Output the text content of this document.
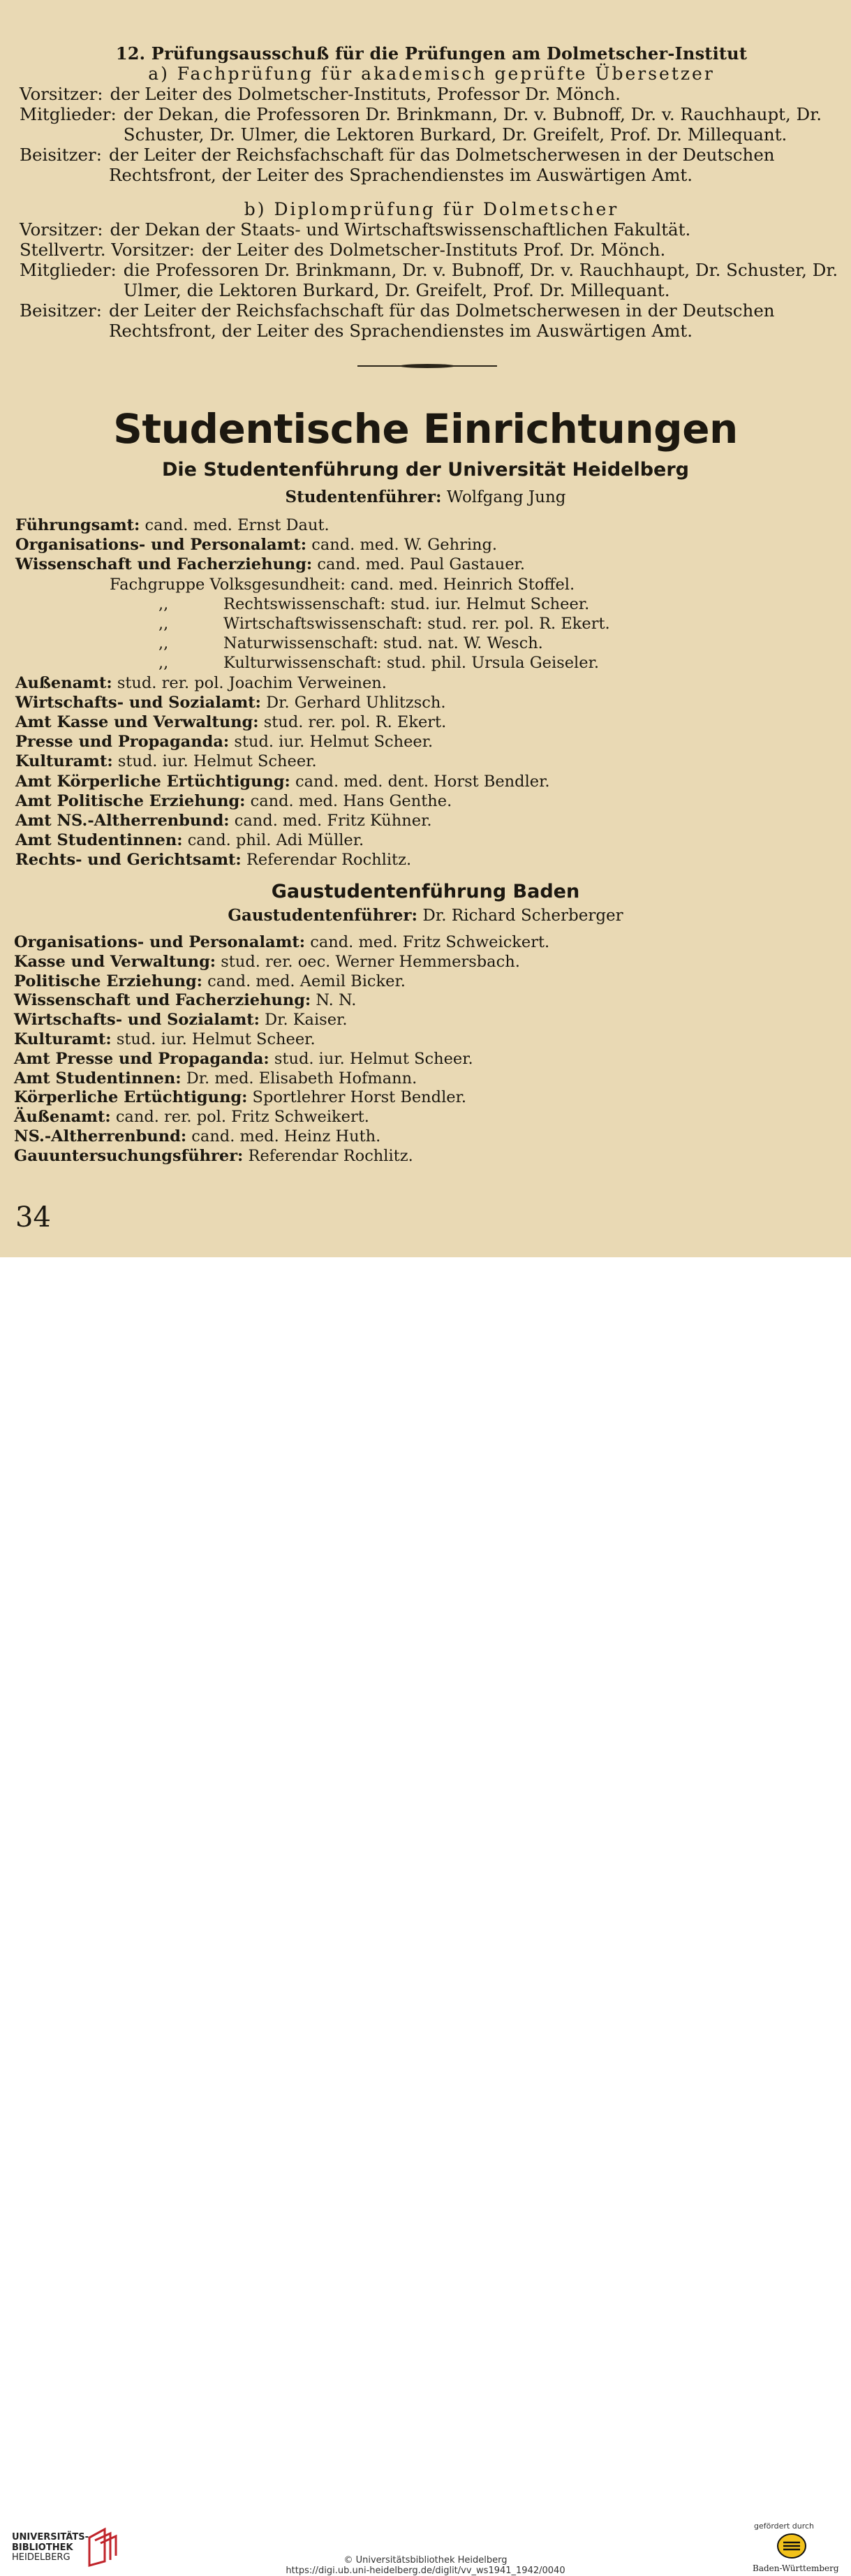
12. Prüfungsausschuß für die Prüfungen am Dolmetscher-Institut
a) Fachprüfung für akademisch geprüfte Übersetzer
Vorsitzer: der Leiter des Dolmetscher-Instituts, Professor Dr. Mönch.
Mitglieder: der Dekan, die Professoren Dr. Brinkmann, Dr. v. Bubnoff, Dr. v. Rauchhaupt, Dr. Schuster, Dr. Ulmer, die Lektoren Burkard, Dr. Greifelt, Prof. Dr. Millequant.
Beisitzer: der Leiter der Reichsfachschaft für das Dolmetscherwesen in der Deutschen Rechtsfront, der Leiter des Sprachendienstes im Auswärtigen Amt.
b) Diplomprüfung für Dolmetscher
Vorsitzer: der Dekan der Staats- und Wirtschaftswissenschaftlichen Fakultät.
Stellvertr. Vorsitzer: der Leiter des Dolmetscher-Instituts Prof. Dr. Mönch.
Mitglieder: die Professoren Dr. Brinkmann, Dr. v. Bubnoff, Dr. v. Rauchhaupt, Dr. Schuster, Dr. Ulmer, die Lektoren Burkard, Dr. Greifelt, Prof. Dr. Millequant.
Beisitzer: der Leiter der Reichsfachschaft für das Dolmetscherwesen in der Deutschen Rechtsfront, der Leiter des Sprachendienstes im Auswärtigen Amt.
Studentische Einrichtungen
Die Studentenführung der Universität Heidelberg
Studentenführer: Wolfgang Jung
Führungsamt: cand. med. Ernst Daut.
Organisations- und Personalamt: cand. med. W. Gehring.
Wissenschaft und Facherziehung: cand. med. Paul Gastauer.
Fachgruppe Volksgesundheit: cand. med. Heinrich Stoffel.
,,	Rechtswissenschaft: stud. iur. Helmut Scheer.
,,	Wirtschaftswissenschaft: stud. rer. pol. R. Ekert.
,,	Naturwissenschaft: stud. nat. W. Wesch.
,,	Kulturwissenschaft: stud. phil. Ursula Geiseler.
Außenamt: stud. rer. pol. Joachim Verweinen.
Wirtschafts- und Sozialamt: Dr. Gerhard Uhlitzsch.
Amt Kasse und Verwaltung: stud. rer. pol. R. Ekert.
Presse und Propaganda: stud. iur. Helmut Scheer.
Kulturamt: stud. iur. Helmut Scheer.
Amt Körperliche Ertüchtigung: cand. med. dent. Horst Bendler.
Amt Politische Erziehung: cand. med. Hans Genthe.
Amt NS.-Altherrenbund: cand. med. Fritz Kühner.
Amt Studentinnen: cand. phil. Adi Müller.
Rechts- und Gerichtsamt: Referendar Rochlitz.
Gaustudentenführung Baden
Gaustudentenführer: Dr. Richard Scherberger
Organisations- und Personalamt: cand. med. Fritz Schweickert.
Kasse und Verwaltung: stud. rer. oec. Werner Hemmersbach.
Politische Erziehung: cand. med. Aemil Bicker.
Wissenschaft und Facherziehung: N. N.
Wirtschafts- und Sozialamt: Dr. Kaiser.
Kulturamt: stud. iur. Helmut Scheer.
Amt Presse und Propaganda: stud. iur. Helmut Scheer.
Amt Studentinnen: Dr. med. Elisabeth Hofmann.
Körperliche Ertüchtigung: Sportlehrer Horst Bendler.
Äußenamt: cand. rer. pol. Fritz Schweikert.
NS.-Altherrenbund: cand. med. Heinz Huth.
Gauuntersuchungsführer: Referendar Rochlitz.
34
UNIVERSITÄTS-
BIBLIOTHEK
HEIDELBERG	© Universitätsbibliothek Heidelberg
https://digi.ub.uni-heidelberg.de/diglit/vv_ws1941_1942/0040
gefördert durch
Baden-Württemberg
